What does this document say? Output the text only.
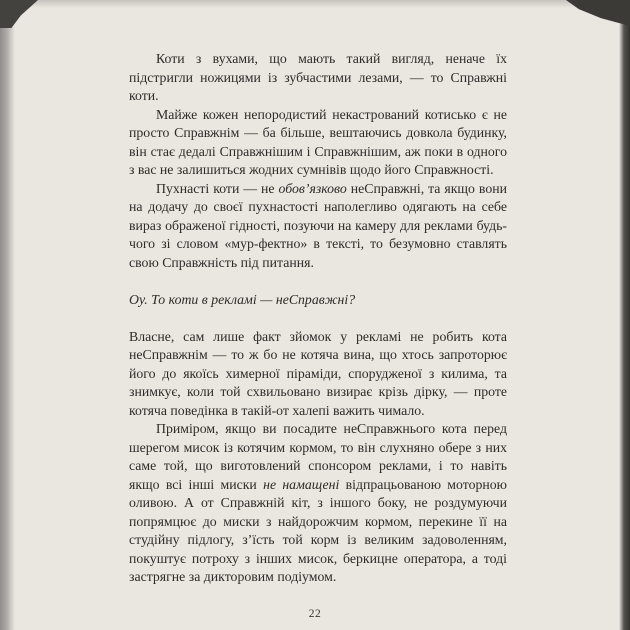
Коти з вухами, що мають такий вигляд, неначе їх підстригли ножицями із зубчастими лезами, — то Справжні коти.

Майже кожен непородистий некастрований котисько є не просто Справжнім — ба більше, вештаючись довкола будинку, він стає дедалі Справжнішим і Справжнішим, аж поки в одного з вас не залишиться жодних сумнівів щодо його Справжності.

Пухнасті коти — не обов’язково неСправжні, та якщо вони на додачу до своєї пухнастості наполегливо одягають на себе вираз ображеної гідності, позуючи на камеру для реклами будь-чого зі словом «мур-фектно» в тексті, то безумовно ставлять свою Справжність під питання.

Оу. То коти в рекламі — неСправжні?

Власне, сам лише факт зйомок у рекламі не робить кота неСправжнім — то ж бо не котяча вина, що хтось запроторює його до якоїсь химерної піраміди, спорудженої з килима, та знимкує, коли той схвильовано визирає крізь дірку, — проте котяча поведінка в такій-от халепі важить чимало.

Приміром, якщо ви посадите неСправжнього кота перед шерегом мисок із котячим кормом, то він слухняно обере з них саме той, що виготовлений спонсором реклами, і то навіть якщо всі інші миски не намащені відпрацьованою моторною оливою. А от Справжній кіт, з іншого боку, не роздумуючи попрямцює до миски з найдорожчим кормом, перекине її на студійну підлогу, з’їсть той корм із великим задоволенням, покуштує потроху з інших мисок, беркицне оператора, а тоді застрягне за дикторовим подіумом.

22
